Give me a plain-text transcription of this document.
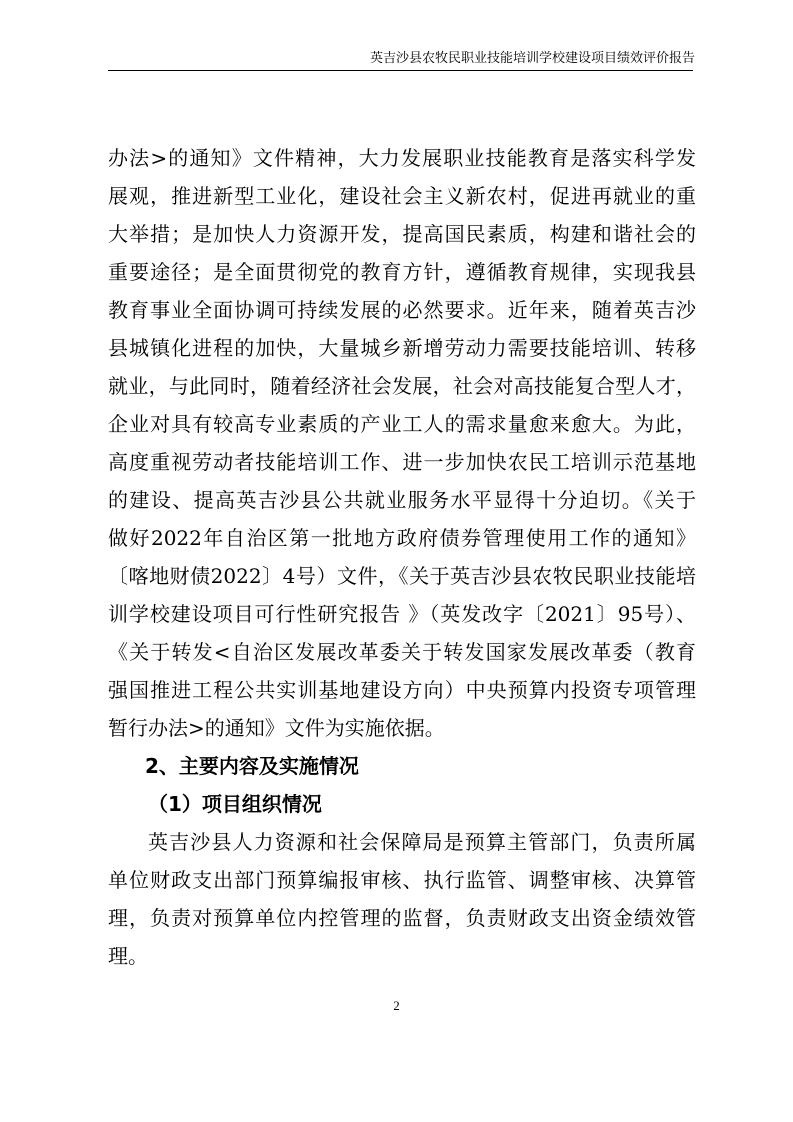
英吉沙县农牧民职业技能培训学校建设项目绩效评价报告
办法>的通知》文件精神，大力发展职业技能教育是落实科学发
展观，推进新型工业化，建设社会主义新农村，促进再就业的重
大举措；是加快人力资源开发，提高国民素质，构建和谐社会的
重要途径；是全面贯彻党的教育方针，遵循教育规律，实现我县
教育事业全面协调可持续发展的必然要求。近年来，随着英吉沙
县城镇化进程的加快，大量城乡新增劳动力需要技能培训、转移
就业，与此同时，随着经济社会发展，社会对高技能复合型人才，
企业对具有较高专业素质的产业工人的需求量愈来愈大。为此，
高度重视劳动者技能培训工作、进一步加快农民工培训示范基地
的建设、提高英吉沙县公共就业服务水平显得十分迫切。《关于
做好2022年自治区第一批地方政府债券管理使用工作的通知》
〔喀地财债2022〕4号）文件，《关于英吉沙县农牧民职业技能培
训学校建设项目可行性研究报告 》（英发改字〔2021〕95号）、
《关于转发<自治区发展改革委关于转发国家发展改革委（教育
强国推进工程公共实训基地建设方向）中央预算内投资专项管理
暂行办法>的通知》文件为实施依据。
2、主要内容及实施情况
（1）项目组织情况
英吉沙县人力资源和社会保障局是预算主管部门，负责所属
单位财政支出部门预算编报审核、执行监管、调整审核、决算管
理，负责对预算单位内控管理的监督，负责财政支出资金绩效管
理。
2
